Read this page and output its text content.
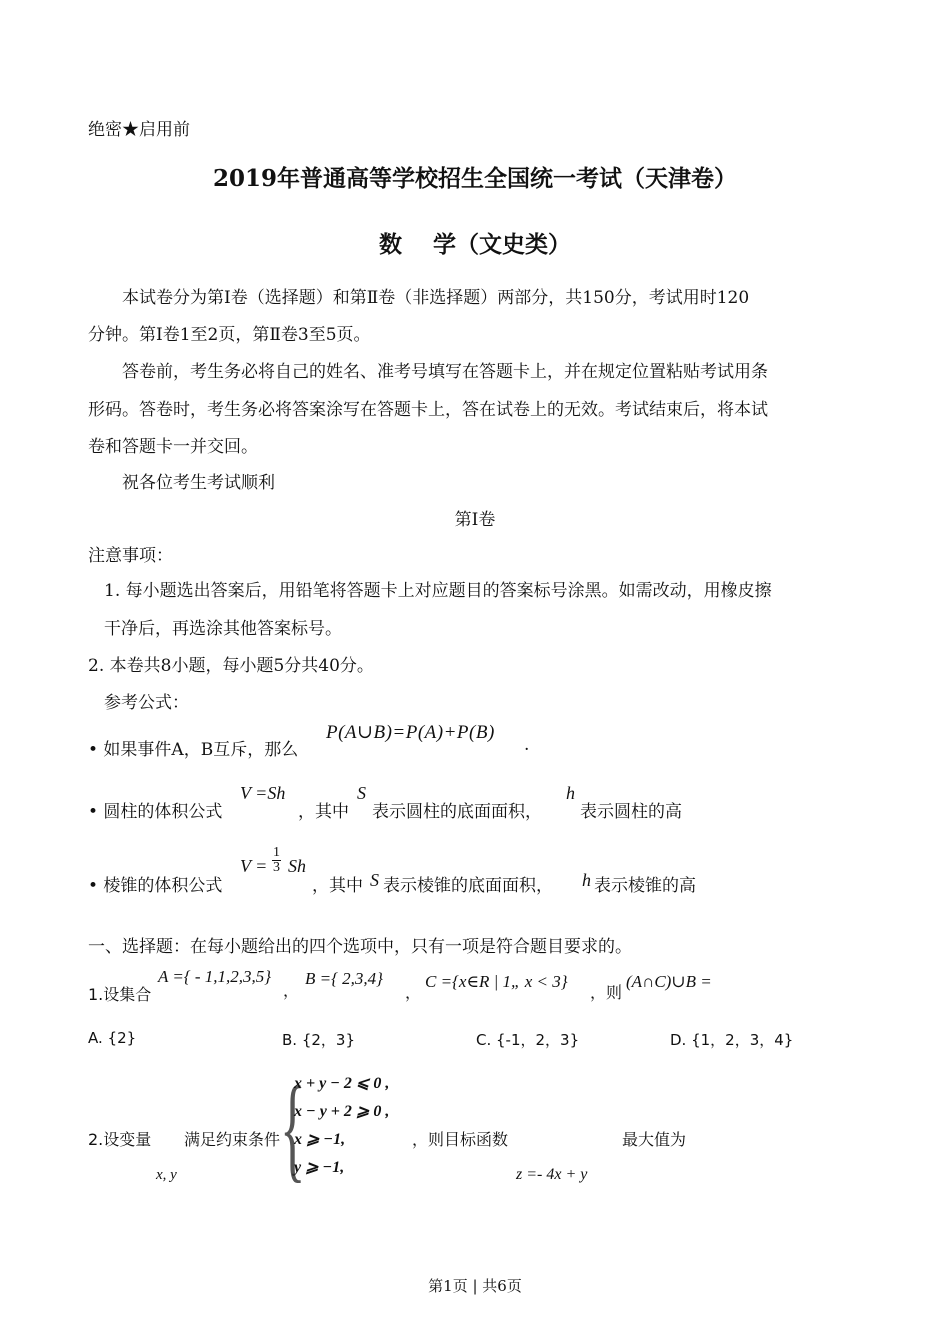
绝密★启用前
2019年普通高等学校招生全国统一考试（天津卷）
数　 学（文史类）
本试卷分为第Ⅰ卷（选择题）和第Ⅱ卷（非选择题）两部分，共150分，考试用时120
分钟。第Ⅰ卷1至2页，第Ⅱ卷3至5页。
答卷前，考生务必将自己的姓名、准考号填写在答题卡上，并在规定位置粘贴考试用条
形码。答卷时，考生务必将答案涂写在答题卡上，答在试卷上的无效。考试结束后，将本试
卷和答题卡一并交回。
祝各位考生考试顺利
第Ⅰ卷
注意事项：
1. 每小题选出答案后，用铅笔将答题卡上对应题目的答案标号涂黑。如需改动，用橡皮擦
干净后，再选涂其他答案标号。
2. 本卷共8小题，每小题5分共40分。
参考公式：
• 如果事件A，B互斥，那么
P(A∪B)=P(A)+P(B)
.
• 圆柱的体积公式
V =Sh
，其中
S
表示圆柱的底面面积，
h
表示圆柱的高
• 棱锥的体积公式
$V = \frac{1}{3}$ Sh
，其中 S 表示棱锥的底面面积， h 表示棱锥的高
一、选择题：在每小题给出的四个选项中，只有一项是符合题目要求的。
1.设集合
A ={ - 1,1,2,3,5}
，
B ={ 2,3,4}
，
C ={x∈R | 1„ x < 3}
，则
(A∩C)∪B =
A. {2}	B. {2，3}	C. {-1，2，3}	D. {1，2，3，4}
2.设变量 满足约束条件
x, y {
x + y − 2 ⩽ 0 ,
x − y + 2 ⩾ 0 ,
x ⩾ −1,
y ⩾ −1,
，则目标函数
z =- 4x + y
最大值为
第1页 | 共6页
